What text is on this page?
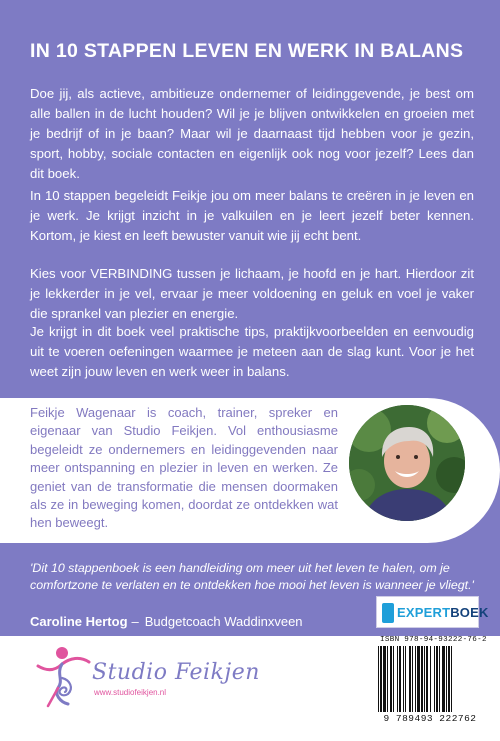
IN 10 STAPPEN LEVEN EN WERK IN BALANS

Doe jij, als actieve, ambitieuze ondernemer of leidinggevende, je best om alle ballen in de lucht houden? Wil je je blijven ontwikkelen en groeien met je bedrijf of in je baan? Maar wil je daarnaast tijd hebben voor je gezin, sport, hobby, sociale contacten en eigenlijk ook nog voor jezelf? Lees dan dit boek.

In 10 stappen begeleidt Feikje jou om meer balans te creëren in je leven en je werk. Je krijgt inzicht in je valkuilen en je leert jezelf beter kennen. Kortom, je kiest en leeft bewuster vanuit wie jij echt bent.

Kies voor VERBINDING tussen je lichaam, je hoofd en je hart. Hierdoor zit je lekkerder in je vel, ervaar je meer voldoening en geluk en voel je vaker die sprankel van plezier en energie.

Je krijgt in dit boek veel praktische tips, praktijkvoorbeelden en eenvoudig uit te voeren oefeningen waarmee je meteen aan de slag kunt. Voor je het weet zijn jouw leven en werk weer in balans.

Feikje Wagenaar is coach, trainer, spreker en eigenaar van Studio Feikjen. Vol enthousiasme begeleidt ze ondernemers en leidinggevenden naar meer ontspanning en plezier in leven en werken. Ze geniet van de transformatie die mensen doormaken als ze in beweging komen, doordat ze ontdekken wat hen beweegt.

'Dit 10 stappenboek is een handleiding om meer uit het leven te halen, om je comfortzone te verlaten en te ontdekken hoe mooi het leven is wanneer je vliegt.'

Caroline Hertog – Budgetcoach Waddinxveen
EXPERTBOEK
Studio Feikjen
www.studiofeikjen.nl
ISBN 978-94-93222-76-2
9 789493 222762
